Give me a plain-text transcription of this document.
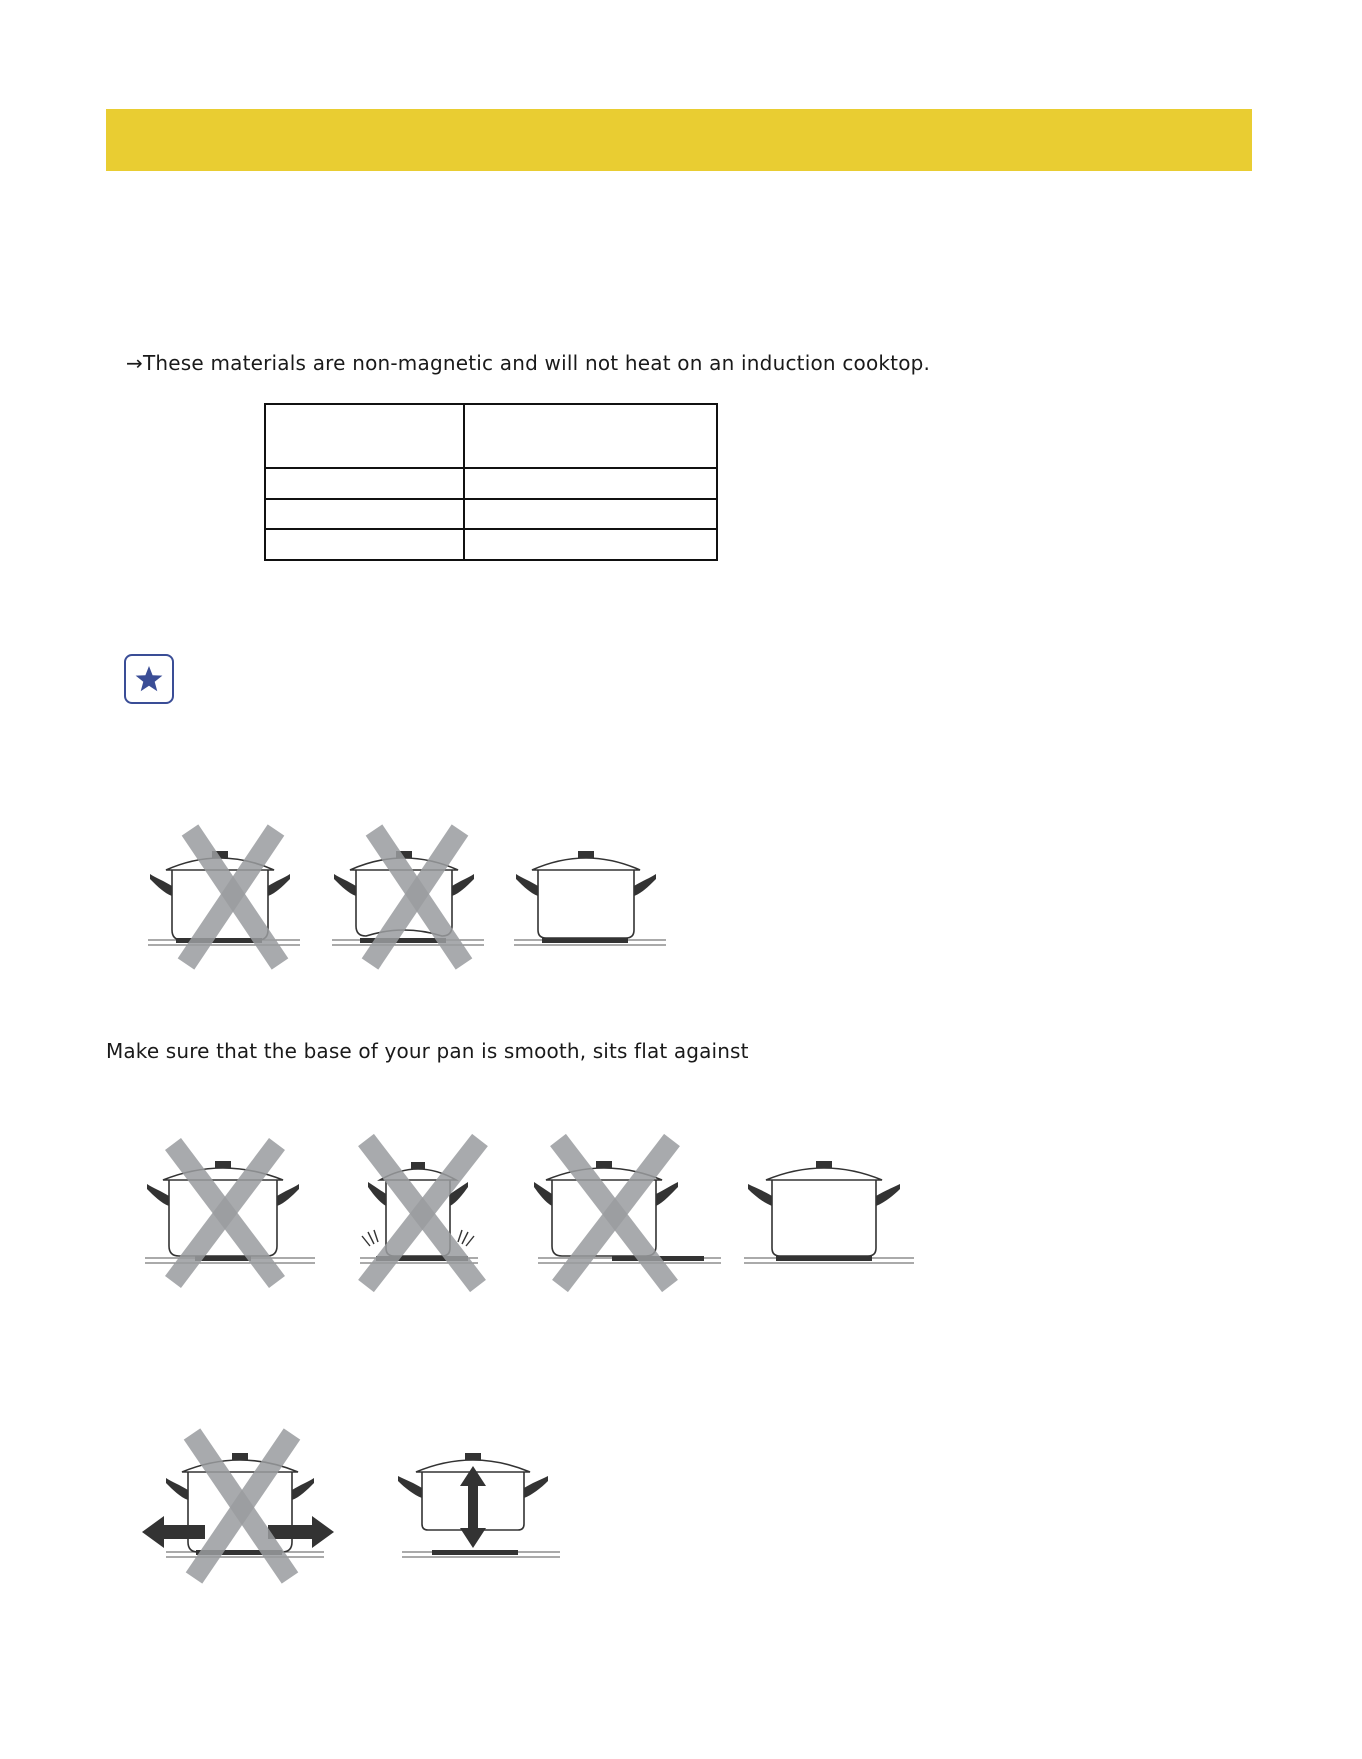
→These materials are non-magnetic and will not heat on an induction cooktop.

Make sure that the base of your pan is smooth, sits flat against
